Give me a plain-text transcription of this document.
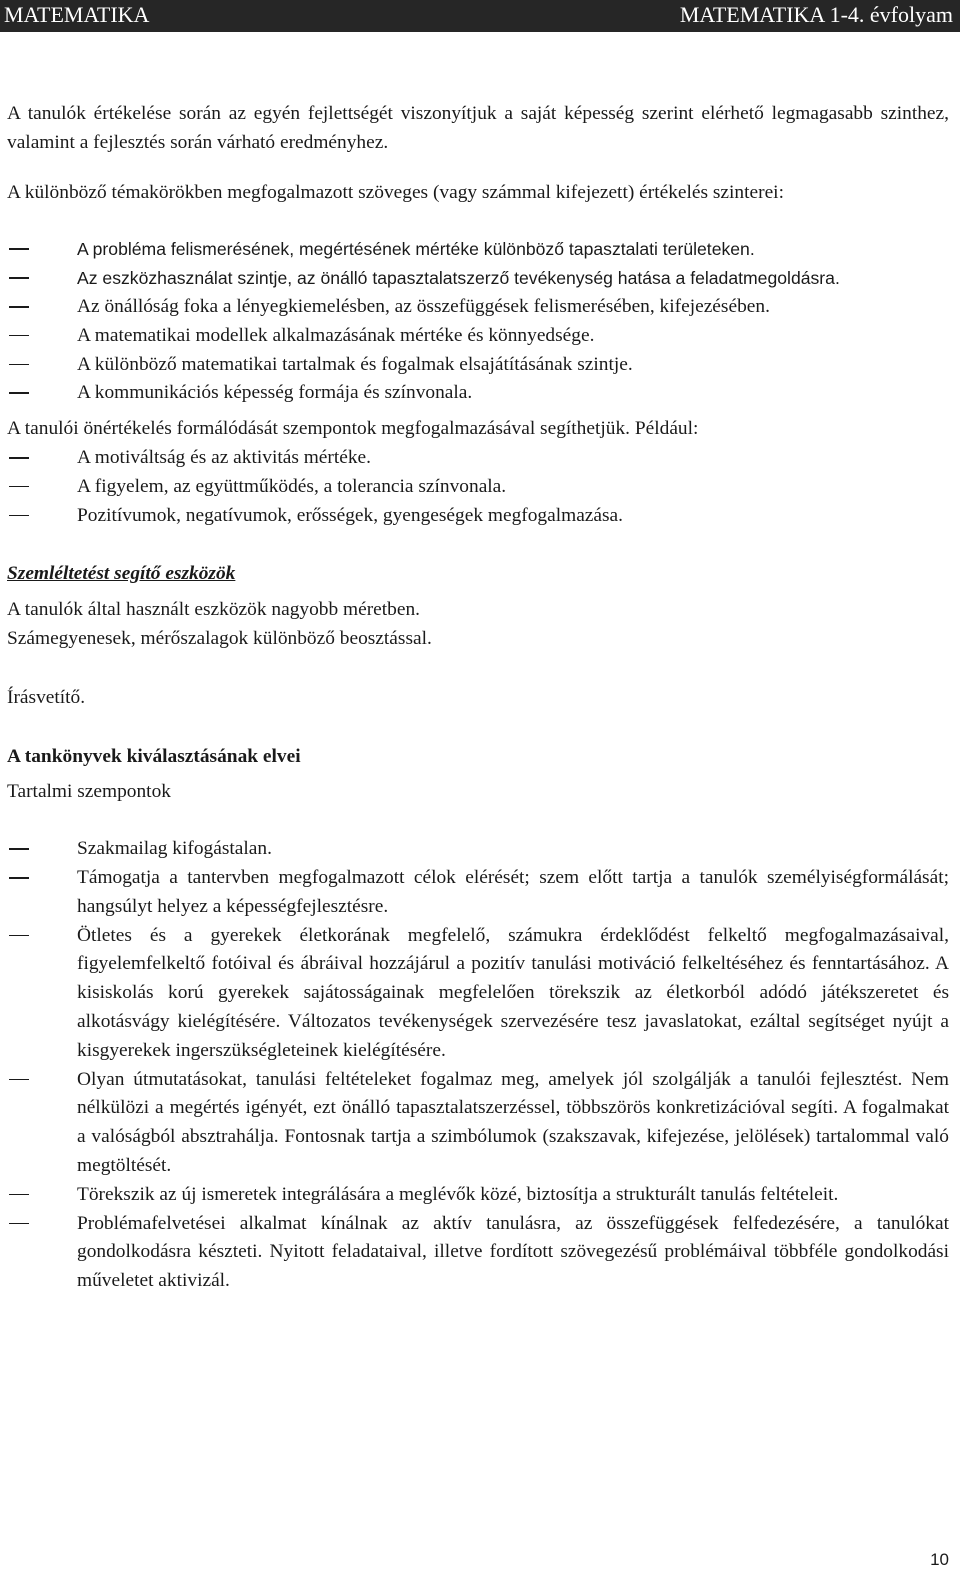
MATEMATIKA	MATEMATIKA 1-4. évfolyam

A tanulók értékelése során az egyén fejlettségét viszonyítjuk a saját képesség szerint elérhető legmagasabb szinthez, valamint a fejlesztés során várható eredményhez.

A különböző témakörökben megfogalmazott szöveges (vagy számmal kifejezett) értékelés szinterei:

A probléma felismerésének, megértésének mértéke különböző tapasztalati területeken.
Az eszközhasználat szintje, az önálló tapasztalatszerző tevékenység hatása a feladatmegoldásra.
Az önállóság foka a lényegkiemelésben, az összefüggések felismerésében, kifejezésében.
A matematikai modellek alkalmazásának mértéke és könnyedsége.
A különböző matematikai tartalmak és fogalmak elsajátításának szintje.
A kommunikációs képesség formája és színvonala.

A tanulói önértékelés formálódását szempontok megfogalmazásával segíthetjük. Például:

A motiváltság és az aktivitás mértéke.
A figyelem, az együttműködés, a tolerancia színvonala.
Pozitívumok, negatívumok, erősségek, gyengeségek megfogalmazása.

Szemléltetést segítő eszközök

A tanulók által használt eszközök nagyobb méretben.

Számegyenesek, mérőszalagok különböző beosztással.

Írásvetítő.

A tankönyvek kiválasztásának elvei

Tartalmi szempontok

Szakmailag kifogástalan.
Támogatja a tantervben megfogalmazott célok elérését; szem előtt tartja a tanulók személyiségformálását; hangsúlyt helyez a képességfejlesztésre.
Ötletes és a gyerekek életkorának megfelelő, számukra érdeklődést felkeltő megfogalmazásaival, figyelemfelkeltő fotóival és ábráival hozzájárul a pozitív tanulási motiváció felkeltéséhez és fenntartásához. A kisiskolás korú gyerekek sajátosságainak megfelelően törekszik az életkorból adódó játékszeretet és alkotásvágy kielégítésére. Változatos tevékenységek szervezésére tesz javaslatokat, ezáltal segítséget nyújt a kisgyerekek ingerszükségleteinek kielégítésére.
Olyan útmutatásokat, tanulási feltételeket fogalmaz meg, amelyek jól szolgálják a tanulói fejlesztést. Nem nélkülözi a megértés igényét, ezt önálló tapasztalatszerzéssel, többszörös konkretizációval segíti. A fogalmakat a valóságból absztrahálja. Fontosnak tartja a szimbólumok (szakszavak, kifejezése, jelölések) tartalommal való megtöltését.
Törekszik az új ismeretek integrálására a meglévők közé, biztosítja a strukturált tanulás feltételeit.
Problémafelvetései alkalmat kínálnak az aktív tanulásra, az összefüggések felfedezésére, a tanulókat gondolkodásra készteti. Nyitott feladataival, illetve fordított szövegezésű problémáival többféle gondolkodási műveletet aktivizál.
10
